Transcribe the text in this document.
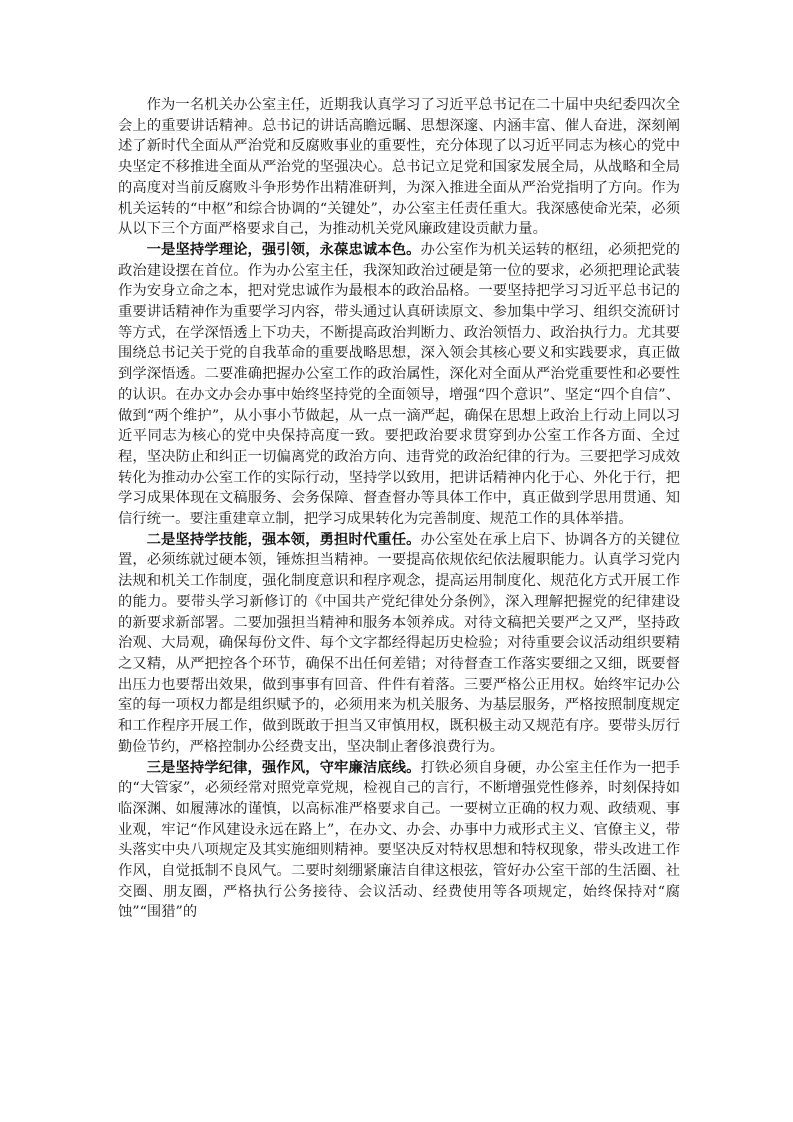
作为一名机关办公室主任，近期我认真学习了习近平总书记在二十届中央纪委四次全会上的重要讲话精神。总书记的讲话高瞻远瞩、思想深邃、内涵丰富、催人奋进，深刻阐述了新时代全面从严治党和反腐败事业的重要性，充分体现了以习近平同志为核心的党中央坚定不移推进全面从严治党的坚强决心。总书记立足党和国家发展全局，从战略和全局的高度对当前反腐败斗争形势作出精准研判，为深入推进全面从严治党指明了方向。作为机关运转的“中枢”和综合协调的“关键处”，办公室主任责任重大。我深感使命光荣，必须从以下三个方面严格要求自己，为推动机关党风廉政建设贡献力量。

一是坚持学理论，强引领，永葆忠诚本色。办公室作为机关运转的枢纽，必须把党的政治建设摆在首位。作为办公室主任，我深知政治过硬是第一位的要求，必须把理论武装作为安身立命之本，把对党忠诚作为最根本的政治品格。一要坚持把学习习近平总书记的重要讲话精神作为重要学习内容，带头通过认真研读原文、参加集中学习、组织交流研讨等方式，在学深悟透上下功夫，不断提高政治判断力、政治领悟力、政治执行力。尤其要围绕总书记关于党的自我革命的重要战略思想，深入领会其核心要义和实践要求，真正做到学深悟透。二要准确把握办公室工作的政治属性，深化对全面从严治党重要性和必要性的认识。在办文办会办事中始终坚持党的全面领导，增强“四个意识”、坚定“四个自信”、做到“两个维护”，从小事小节做起，从一点一滴严起，确保在思想上政治上行动上同以习近平同志为核心的党中央保持高度一致。要把政治要求贯穿到办公室工作各方面、全过程，坚决防止和纠正一切偏离党的政治方向、违背党的政治纪律的行为。三要把学习成效转化为推动办公室工作的实际行动，坚持学以致用，把讲话精神内化于心、外化于行，把学习成果体现在文稿服务、会务保障、督查督办等具体工作中，真正做到学思用贯通、知信行统一。要注重建章立制，把学习成果转化为完善制度、规范工作的具体举措。

二是坚持学技能，强本领，勇担时代重任。办公室处在承上启下、协调各方的关键位置，必须练就过硬本领，锤炼担当精神。一要提高依规依纪依法履职能力。认真学习党内法规和机关工作制度，强化制度意识和程序观念，提高运用制度化、规范化方式开展工作的能力。要带头学习新修订的《中国共产党纪律处分条例》，深入理解把握党的纪律建设的新要求新部署。二要加强担当精神和服务本领养成。对待文稿把关要严之又严，坚持政治观、大局观，确保每份文件、每个文字都经得起历史检验；对待重要会议活动组织要精之又精，从严把控各个环节，确保不出任何差错；对待督查工作落实要细之又细，既要督出压力也要帮出效果，做到事事有回音、件件有着落。三要严格公正用权。始终牢记办公室的每一项权力都是组织赋予的，必须用来为机关服务、为基层服务，严格按照制度规定和工作程序开展工作，做到既敢于担当又审慎用权，既积极主动又规范有序。要带头厉行勤俭节约，严格控制办公经费支出，坚决制止奢侈浪费行为。

三是坚持学纪律，强作风，守牢廉洁底线。打铁必须自身硬，办公室主任作为一把手的“大管家”，必须经常对照党章党规，检视自己的言行，不断增强党性修养，时刻保持如临深渊、如履薄冰的谨慎，以高标准严格要求自己。一要树立正确的权力观、政绩观、事业观，牢记“作风建设永远在路上”，在办文、办会、办事中力戒形式主义、官僚主义，带头落实中央八项规定及其实施细则精神。要坚决反对特权思想和特权现象，带头改进工作作风，自觉抵制不良风气。二要时刻绷紧廉洁自律这根弦，管好办公室干部的生活圈、社交圈、朋友圈，严格执行公务接待、会议活动、经费使用等各项规定，始终保持对“腐蚀”“围猎”的
